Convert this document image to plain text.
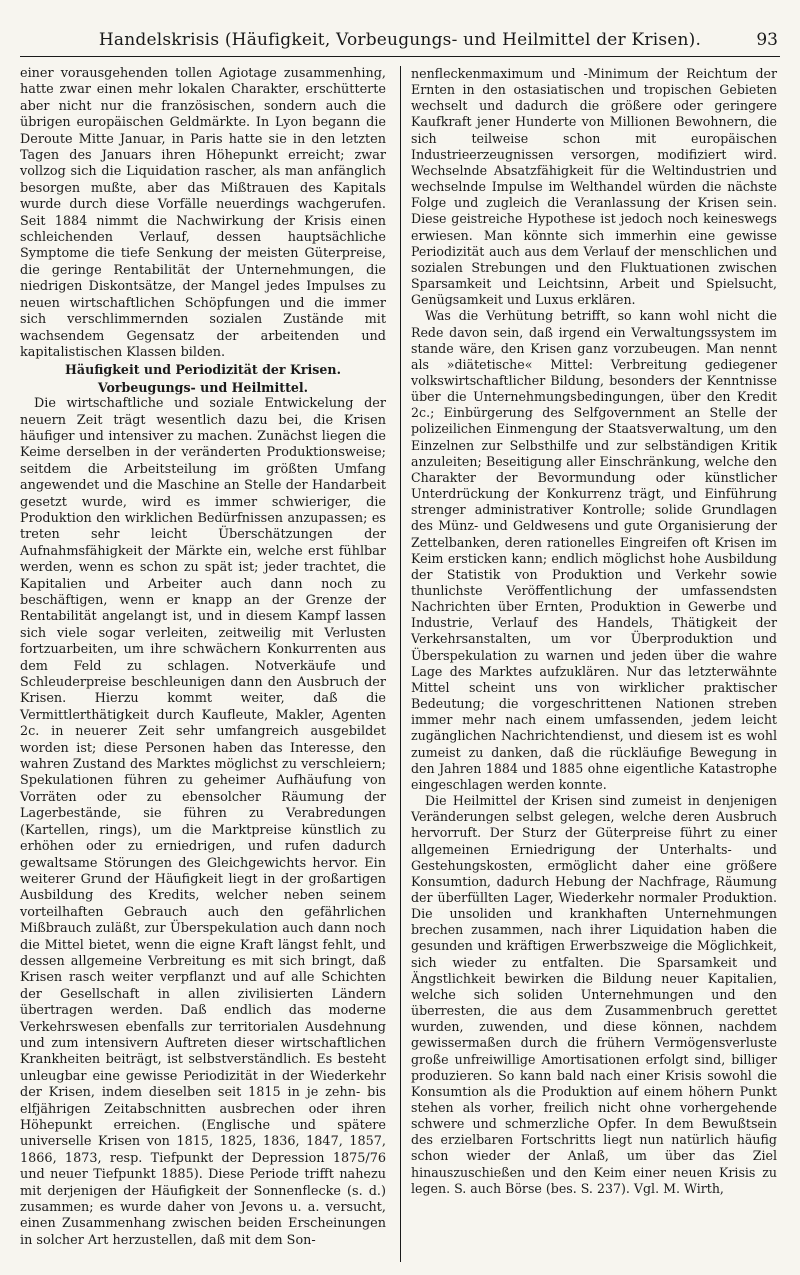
Handelskrisis (Häufigkeit, Vorbeugungs- und Heilmittel der Krisen).	93

einer vorausgehenden tollen Agiotage zusammenhing, hatte zwar einen mehr lokalen Charakter, erschütterte aber nicht nur die französischen, sondern auch die übrigen europäischen Geldmärkte. In Lyon begann die Deroute Mitte Januar, in Paris hatte sie in den letzten Tagen des Januars ihren Höhepunkt erreicht; zwar vollzog sich die Liquidation rascher, als man anfänglich besorgen mußte, aber das Mißtrauen des Kapitals wurde durch diese Vorfälle neuerdings wachgerufen. Seit 1884 nimmt die Nachwirkung der Krisis einen schleichenden Verlauf, dessen hauptsächliche Symptome die tiefe Senkung der meisten Güterpreise, die geringe Rentabilität der Unternehmungen, die niedrigen Diskontsätze, der Mangel jedes Impulses zu neuen wirtschaftlichen Schöpfungen und die immer sich verschlimmernden sozialen Zustände mit wachsendem Gegensatz der arbeitenden und kapitalistischen Klassen bilden.

Häufigkeit und Periodizität der Krisen. Vorbeugungs- und Heilmittel.

Die wirtschaftliche und soziale Entwickelung der neuern Zeit trägt wesentlich dazu bei, die Krisen häufiger und intensiver zu machen. Zunächst liegen die Keime derselben in der veränderten Produktionsweise; seitdem die Arbeitsteilung im größten Umfang angewendet und die Maschine an Stelle der Handarbeit gesetzt wurde, wird es immer schwieriger, die Produktion den wirklichen Bedürfnissen anzupassen; es treten sehr leicht Überschätzungen der Aufnahmsfähigkeit der Märkte ein, welche erst fühlbar werden, wenn es schon zu spät ist; jeder trachtet, die Kapitalien und Arbeiter auch dann noch zu beschäftigen, wenn er knapp an der Grenze der Rentabilität angelangt ist, und in diesem Kampf lassen sich viele sogar verleiten, zeitweilig mit Verlusten fortzuarbeiten, um ihre schwächern Konkurrenten aus dem Feld zu schlagen. Notverkäufe und Schleuderpreise beschleunigen dann den Ausbruch der Krisen. Hierzu kommt weiter, daß die Vermittlerthätigkeit durch Kaufleute, Makler, Agenten 2c. in neuerer Zeit sehr umfangreich ausgebildet worden ist; diese Personen haben das Interesse, den wahren Zustand des Marktes möglichst zu verschleiern; Spekulationen führen zu geheimer Aufhäufung von Vorräten oder zu ebensolcher Räumung der Lagerbestände, sie führen zu Verabredungen (Kartellen, rings), um die Marktpreise künstlich zu erhöhen oder zu erniedrigen, und rufen dadurch gewaltsame Störungen des Gleichgewichts hervor. Ein weiterer Grund der Häufigkeit liegt in der großartigen Ausbildung des Kredits, welcher neben seinem vorteilhaften Gebrauch auch den gefährlichen Mißbrauch zuläßt, zur Überspekulation auch dann noch die Mittel bietet, wenn die eigne Kraft längst fehlt, und dessen allgemeine Verbreitung es mit sich bringt, daß Krisen rasch weiter verpflanzt und auf alle Schichten der Gesellschaft in allen zivilisierten Ländern übertragen werden. Daß endlich das moderne Verkehrswesen ebenfalls zur territorialen Ausdehnung und zum intensivern Auftreten dieser wirtschaftlichen Krankheiten beiträgt, ist selbstverständlich. Es besteht unleugbar eine gewisse Periodizität in der Wiederkehr der Krisen, indem dieselben seit 1815 in je zehn- bis elfjährigen Zeitabschnitten ausbrechen oder ihren Höhepunkt erreichen. (Englische und spätere universelle Krisen von 1815, 1825, 1836, 1847, 1857, 1866, 1873, resp. Tiefpunkt der Depression 1875/76 und neuer Tiefpunkt 1885). Diese Periode trifft nahezu mit derjenigen der Häufigkeit der Sonnenflecke (s. d.) zusammen; es wurde daher von Jevons u. a. versucht, einen Zusammenhang zwischen beiden Erscheinungen in solcher Art herzustellen, daß mit dem Son-

nenfleckenmaximum und -Minimum der Reichtum der Ernten in den ostasiatischen und tropischen Gebieten wechselt und dadurch die größere oder geringere Kaufkraft jener Hunderte von Millionen Bewohnern, die sich teilweise schon mit europäischen Industrieerzeugnissen versorgen, modifiziert wird. Wechselnde Absatzfähigkeit für die Weltindustrien und wechselnde Impulse im Welthandel würden die nächste Folge und zugleich die Veranlassung der Krisen sein. Diese geistreiche Hypothese ist jedoch noch keineswegs erwiesen. Man könnte sich immerhin eine gewisse Periodizität auch aus dem Verlauf der menschlichen und sozialen Strebungen und den Fluktuationen zwischen Sparsamkeit und Leichtsinn, Arbeit und Spielsucht, Genügsamkeit und Luxus erklären.

Was die Verhütung betrifft, so kann wohl nicht die Rede davon sein, daß irgend ein Verwaltungssystem im stande wäre, den Krisen ganz vorzubeugen. Man nennt als »diätetische« Mittel: Verbreitung gediegener volkswirtschaftlicher Bildung, besonders der Kenntnisse über die Unternehmungsbedingungen, über den Kredit 2c.; Einbürgerung des Selfgovernment an Stelle der polizeilichen Einmengung der Staatsverwaltung, um den Einzelnen zur Selbsthilfe und zur selbständigen Kritik anzuleiten; Beseitigung aller Einschränkung, welche den Charakter der Bevormundung oder künstlicher Unterdrückung der Konkurrenz trägt, und Einführung strenger administrativer Kontrolle; solide Grundlagen des Münz- und Geldwesens und gute Organisierung der Zettelbanken, deren rationelles Eingreifen oft Krisen im Keim ersticken kann; endlich möglichst hohe Ausbildung der Statistik von Produktion und Verkehr sowie thunlichste Veröffentlichung der umfassendsten Nachrichten über Ernten, Produktion in Gewerbe und Industrie, Verlauf des Handels, Thätigkeit der Verkehrsanstalten, um vor Überproduktion und Überspekulation zu warnen und jeden über die wahre Lage des Marktes aufzuklären. Nur das letzterwähnte Mittel scheint uns von wirklicher praktischer Bedeutung; die vorgeschrittenen Nationen streben immer mehr nach einem umfassenden, jedem leicht zugänglichen Nachrichtendienst, und diesem ist es wohl zumeist zu danken, daß die rückläufige Bewegung in den Jahren 1884 und 1885 ohne eigentliche Katastrophe eingeschlagen werden konnte.

Die Heilmittel der Krisen sind zumeist in denjenigen Veränderungen selbst gelegen, welche deren Ausbruch hervorruft. Der Sturz der Güterpreise führt zu einer allgemeinen Erniedrigung der Unterhalts- und Gestehungskosten, ermöglicht daher eine größere Konsumtion, dadurch Hebung der Nachfrage, Räumung der überfüllten Lager, Wiederkehr normaler Produktion. Die unsoliden und krankhaften Unternehmungen brechen zusammen, nach ihrer Liquidation haben die gesunden und kräftigen Erwerbszweige die Möglichkeit, sich wieder zu entfalten. Die Sparsamkeit und Ängstlichkeit bewirken die Bildung neuer Kapitalien, welche sich soliden Unternehmungen und den überresten, die aus dem Zusammenbruch gerettet wurden, zuwenden, und diese können, nachdem gewissermaßen durch die frühern Vermögensverluste große unfreiwillige Amortisationen erfolgt sind, billiger produzieren. So kann bald nach einer Krisis sowohl die Konsumtion als die Produktion auf einem höhern Punkt stehen als vorher, freilich nicht ohne vorhergehende schwere und schmerzliche Opfer. In dem Bewußtsein des erzielbaren Fortschritts liegt nun natürlich häufig schon wieder der Anlaß, um über das Ziel hinauszuschießen und den Keim einer neuen Krisis zu legen. S. auch Börse (bes. S. 237). Vgl. M. Wirth,
